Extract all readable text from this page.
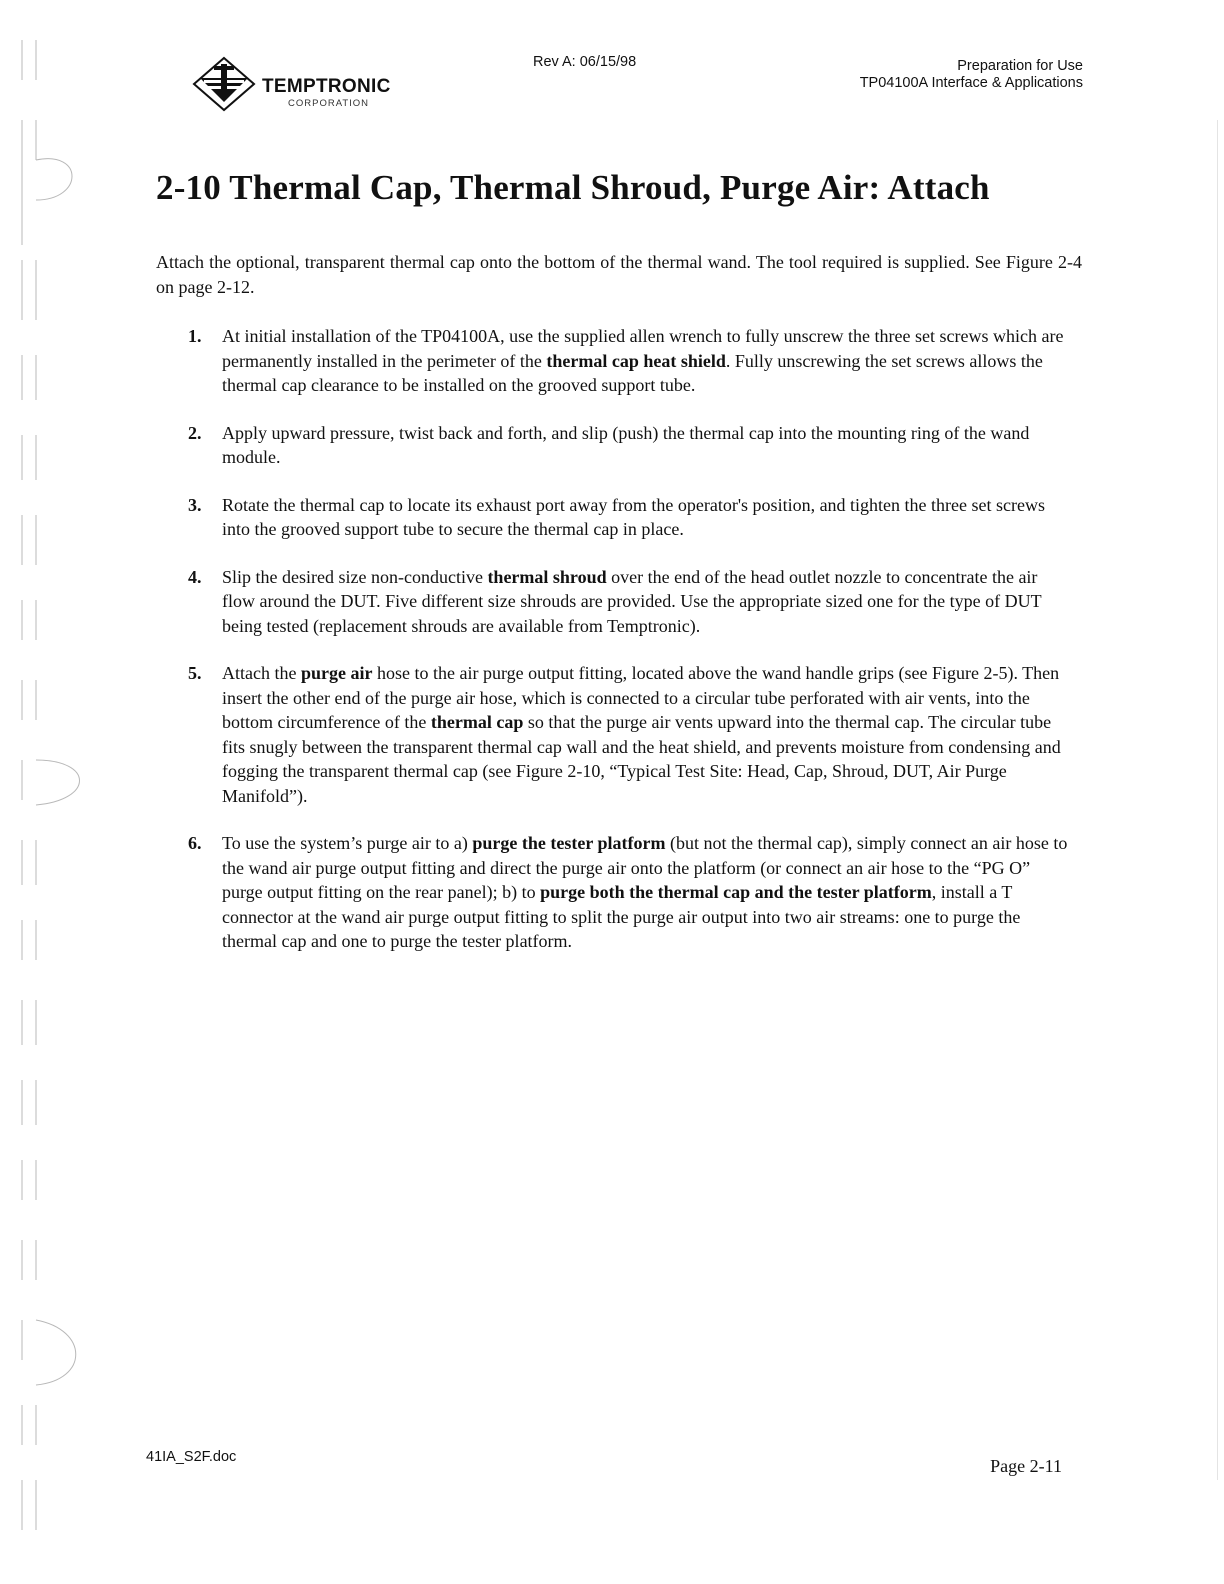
TEMPTRONIC
CORPORATION
Rev A: 06/15/98	Preparation for Use
TP04100A Interface & Applications
2-10 Thermal Cap, Thermal Shroud, Purge Air: Attach

Attach the optional, transparent thermal cap onto the bottom of the thermal wand. The tool required is supplied. See Figure 2-4 on page 2-12.

1. At initial installation of the TP04100A, use the supplied allen wrench to fully unscrew the three set screws which are permanently installed in the perimeter of the thermal cap heat shield. Fully unscrewing the set screws allows the thermal cap clearance to be installed on the grooved support tube.
2. Apply upward pressure, twist back and forth, and slip (push) the thermal cap into the mounting ring of the wand module.
3. Rotate the thermal cap to locate its exhaust port away from the operator's position, and tighten the three set screws into the grooved support tube to secure the thermal cap in place.
4. Slip the desired size non-conductive thermal shroud over the end of the head outlet nozzle to concentrate the air flow around the DUT. Five different size shrouds are provided. Use the appropriate sized one for the type of DUT being tested (replacement shrouds are available from Temptronic).
5. Attach the purge air hose to the air purge output fitting, located above the wand handle grips (see Figure 2-5). Then insert the other end of the purge air hose, which is connected to a circular tube perforated with air vents, into the bottom circumference of the thermal cap so that the purge air vents upward into the thermal cap. The circular tube fits snugly between the transparent thermal cap wall and the heat shield, and prevents moisture from condensing and fogging the transparent thermal cap (see Figure 2-10, “Typical Test Site: Head, Cap, Shroud, DUT, Air Purge Manifold”).
6. To use the system’s purge air to a) purge the tester platform (but not the thermal cap), simply connect an air hose to the wand air purge output fitting and direct the purge air onto the platform (or connect an air hose to the “PG O” purge output fitting on the rear panel); b) to purge both the thermal cap and the tester platform, install a T connector at the wand air purge output fitting to split the purge air output into two air streams: one to purge the thermal cap and one to purge the tester platform.
41IA_S2F.doc	Page 2-11
